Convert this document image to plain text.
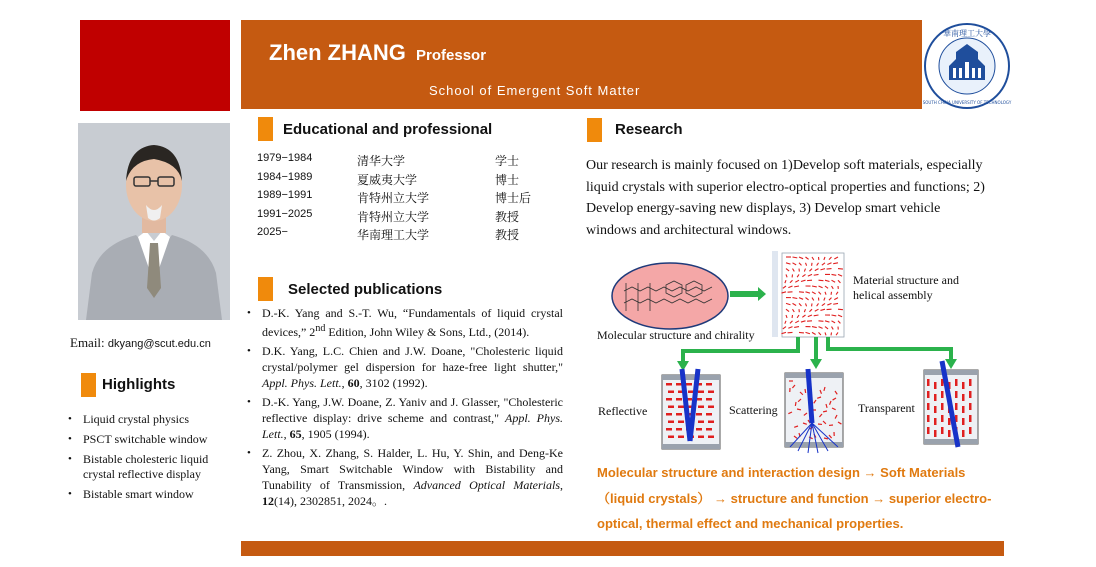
Zhen ZHANG Professor
School of Emergent Soft Matter
華南理工大學
SOUTH CHINA UNIVERSITY OF TECHNOLOGY
Email: dkyang@scut.edu.cn
Highlights
• Liquid crystal physics
• PSCT switchable window
• Bistable cholesteric liquid crystal reflective display
• Bistable smart window
Educational and professional
1979−1984	清华大学	学士
1984−1989	夏威夷大学	博士
1989−1991	肯特州立大学	博士后
1991−2025	肯特州立大学	教授
2025−	华南理工大学	教授
Selected publications
• D.-K. Yang and S.-T. Wu, “Fundamentals of liquid crystal devices,” 2nd Edition, John Wiley & Sons, Ltd., (2014).
• D.K. Yang, L.C. Chien and J.W. Doane, "Cholesteric liquid crystal/polymer gel dispersion for haze-free light shutter," Appl. Phys. Lett., 60, 3102 (1992).
• D.-K. Yang, J.W. Doane, Z. Yaniv and J. Glasser, "Cholesteric reflective display: drive scheme and contrast," Appl. Phys. Lett., 65, 1905 (1994).
• Z. Zhou, X. Zhang, S. Halder, L. Hu, Y. Shin, and Deng-Ke Yang, Smart Switchable Window with Bistability and Tunability of Transmission, Advanced Optical Materials, 12(14), 2302851, 2024。.
Research
Our research is mainly focused on 1)Develop soft materials, especially liquid crystals with superior electro-optical properties and functions; 2) Develop energy-saving new displays, 3) Develop smart vehicle windows and architectural windows.
Molecular structure and chirality
Material structure and helical assembly
Reflective	Scattering	Transparent
Molecular structure and interaction design → Soft Materials （liquid crystals） → structure and function → superior electro-optical, thermal effect and mechanical properties.
